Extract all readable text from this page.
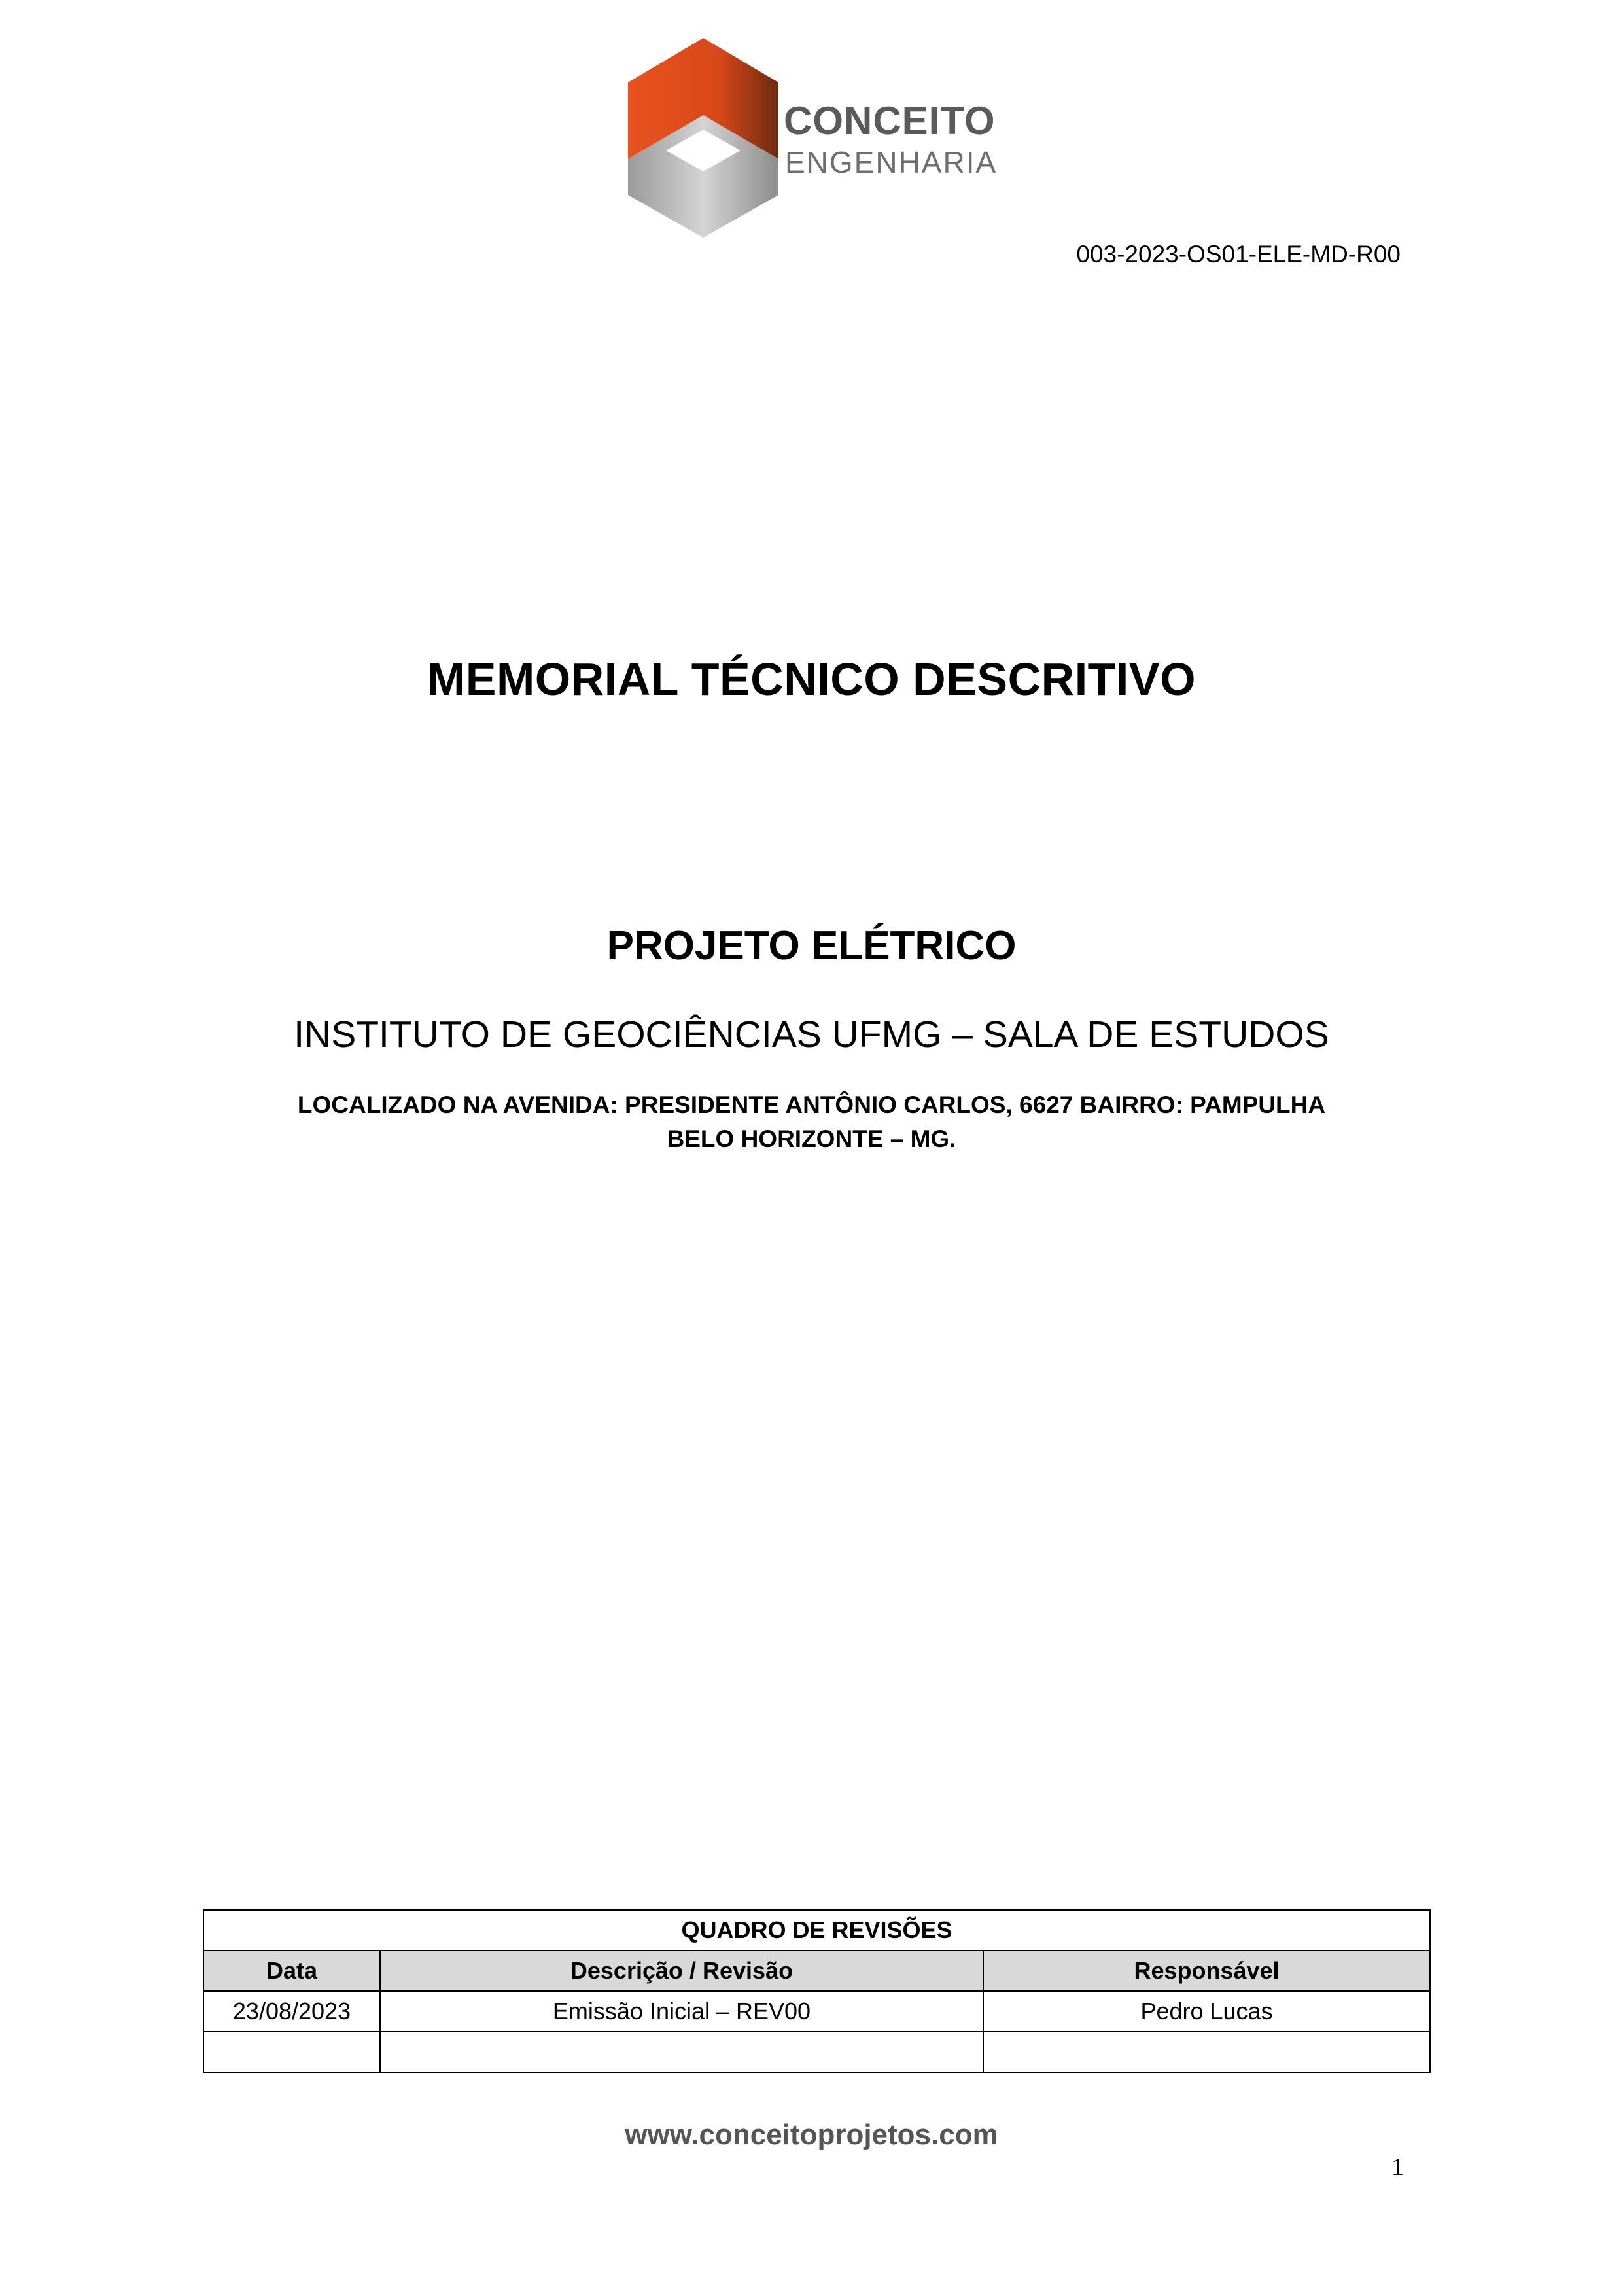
CONCEITO
ENGENHARIA
003-2023-OS01-ELE-MD-R00
MEMORIAL TÉCNICO DESCRITIVO
PROJETO ELÉTRICO
INSTITUTO DE GEOCIÊNCIAS UFMG – SALA DE ESTUDOS
LOCALIZADO NA AVENIDA: PRESIDENTE ANTÔNIO CARLOS, 6627 BAIRRO: PAMPULHA
BELO HORIZONTE – MG.
QUADRO DE REVISÕES		
Data	Descrição / Revisão	Responsável
23/08/2023	Emissão Inicial – REV00	Pedro Lucas

www.conceitoprojetos.com
1
